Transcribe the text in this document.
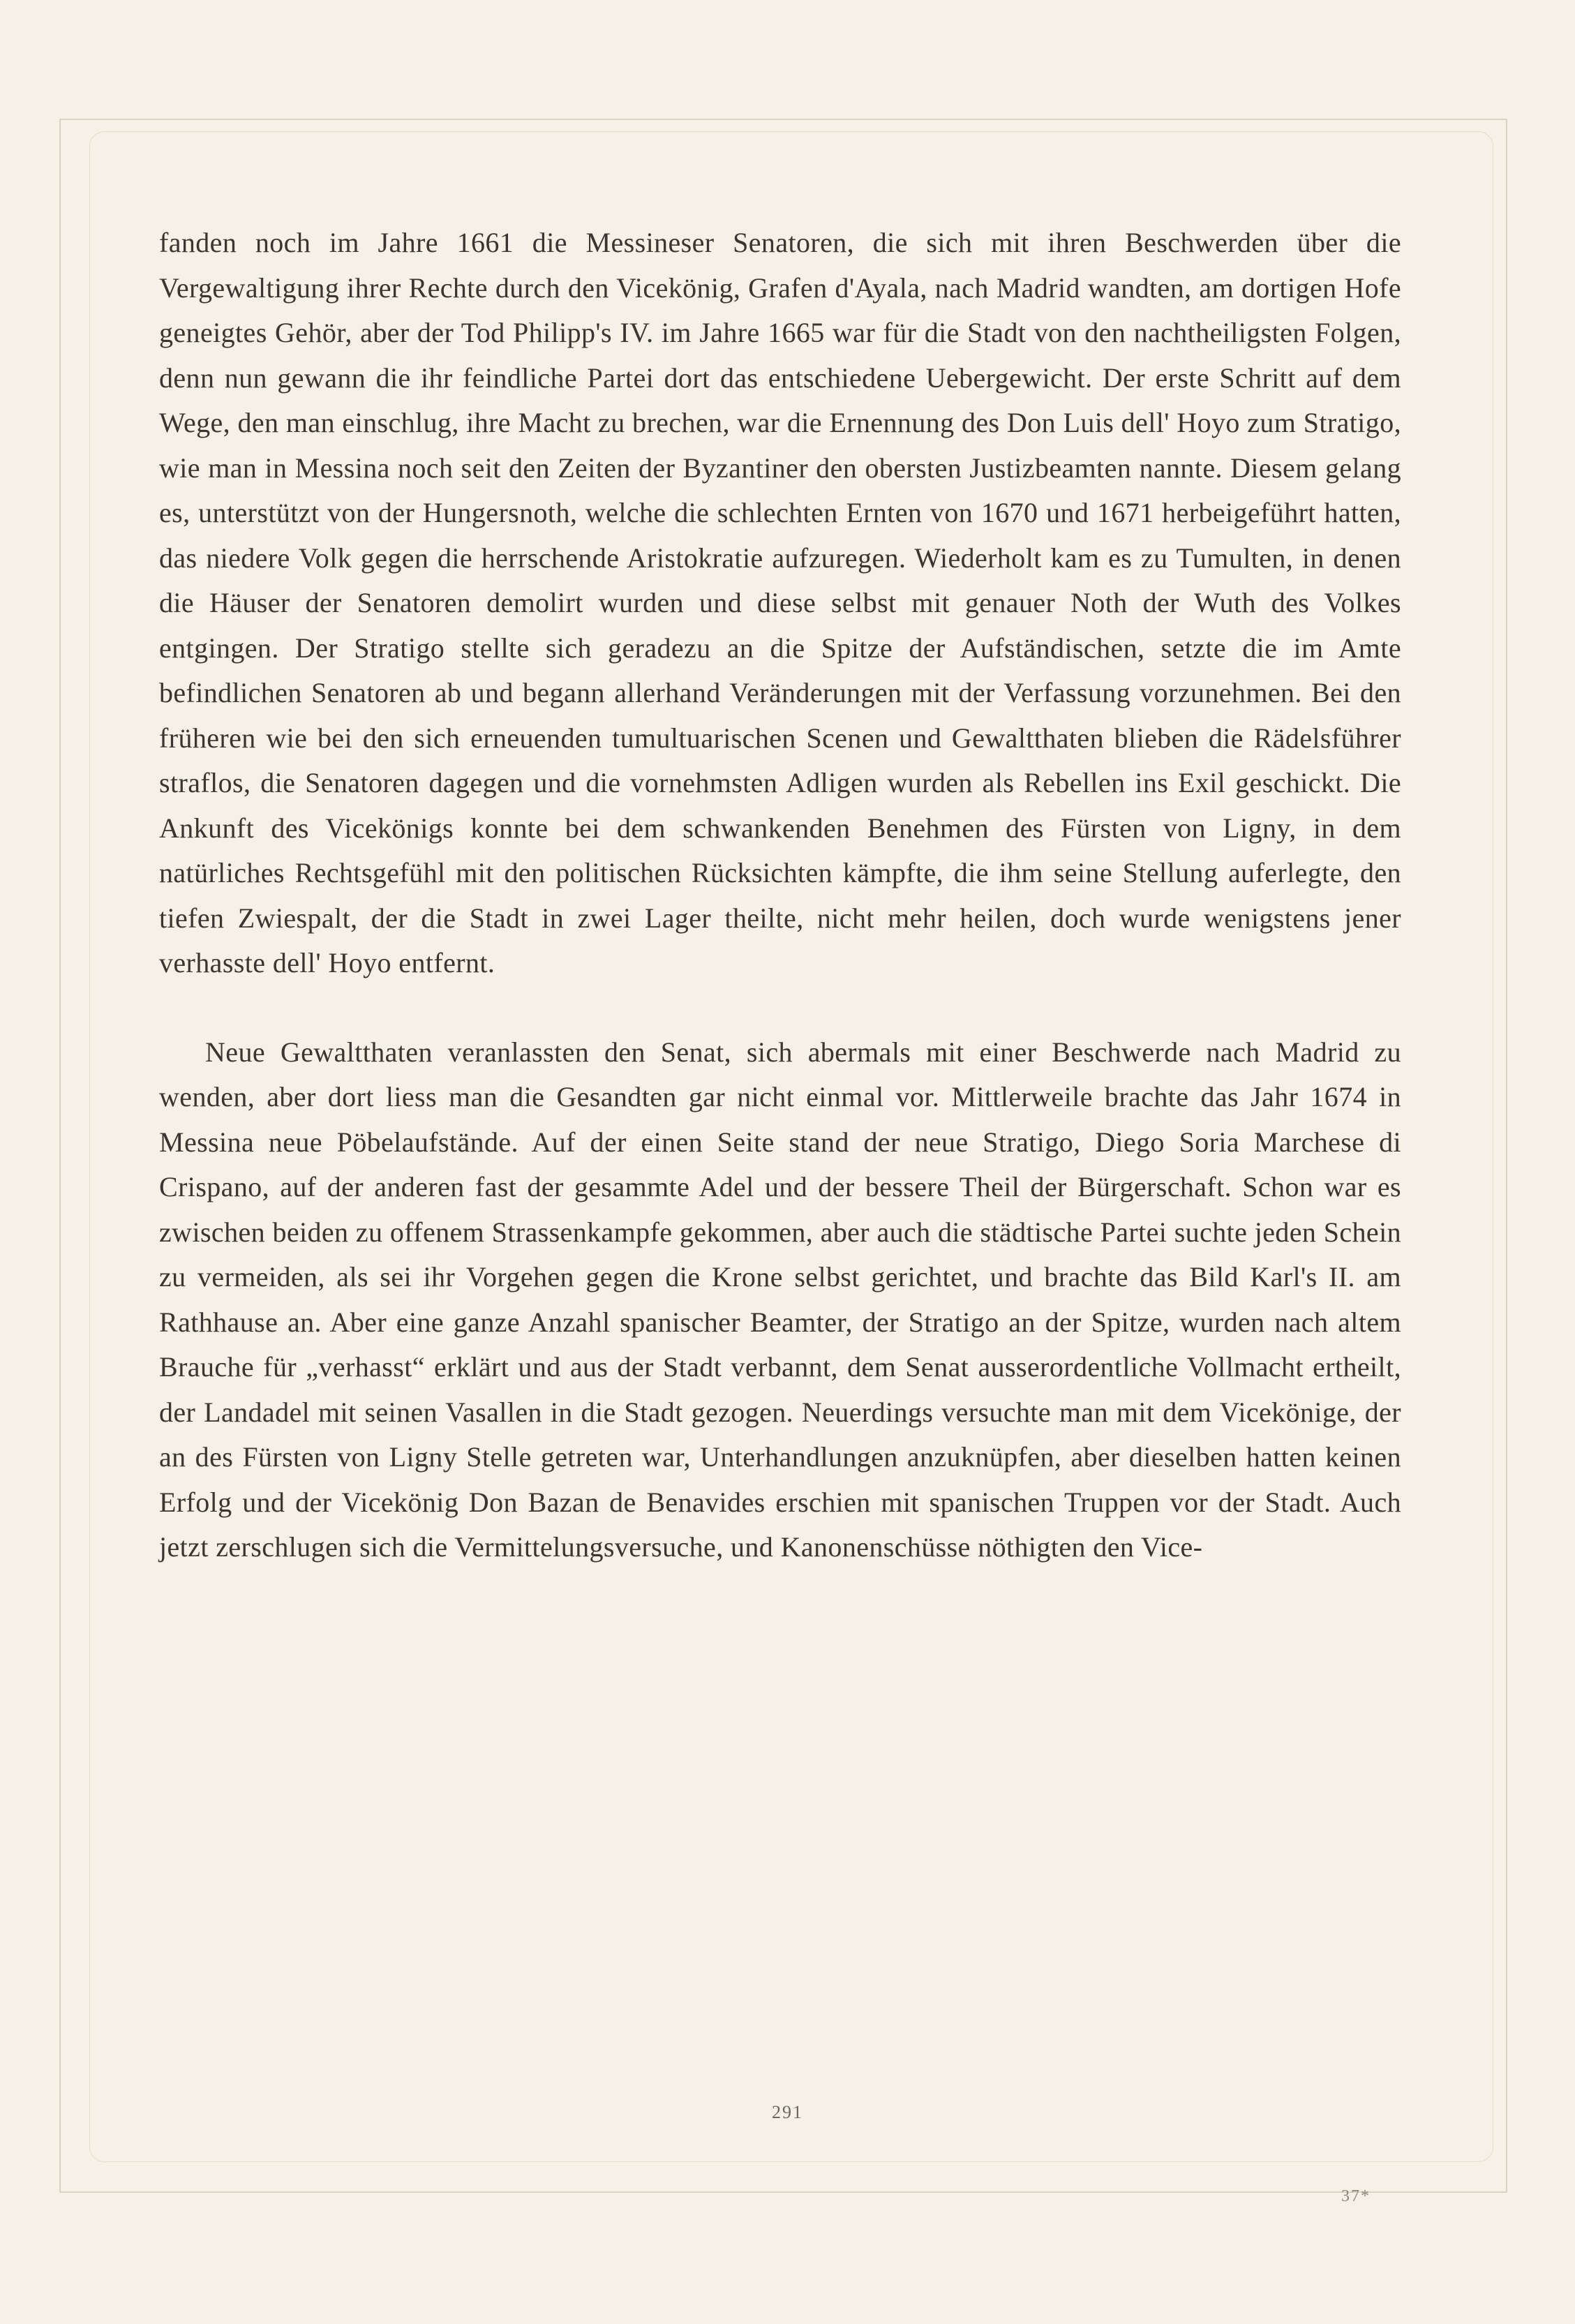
fanden noch im Jahre 1661 die Messineser Senatoren, die sich mit ihren Beschwerden über die Vergewaltigung ihrer Rechte durch den Vicekönig, Grafen d'Ayala, nach Madrid wandten, am dortigen Hofe geneigtes Gehör, aber der Tod Philipp's IV. im Jahre 1665 war für die Stadt von den nachtheiligsten Folgen, denn nun gewann die ihr feindliche Partei dort das entschiedene Uebergewicht. Der erste Schritt auf dem Wege, den man einschlug, ihre Macht zu brechen, war die Ernennung des Don Luis dell' Hoyo zum Stratigo, wie man in Messina noch seit den Zeiten der Byzantiner den obersten Justizbeamten nannte. Diesem gelang es, unterstützt von der Hungersnoth, welche die schlechten Ernten von 1670 und 1671 herbeigeführt hatten, das niedere Volk gegen die herrschende Aristokratie aufzuregen. Wiederholt kam es zu Tumulten, in denen die Häuser der Senatoren demolirt wurden und diese selbst mit genauer Noth der Wuth des Volkes entgingen. Der Stratigo stellte sich geradezu an die Spitze der Aufständischen, setzte die im Amte befindlichen Senatoren ab und begann allerhand Veränderungen mit der Verfassung vorzunehmen. Bei den früheren wie bei den sich erneuenden tumultuarischen Scenen und Gewaltthaten blieben die Rädelsführer straflos, die Senatoren dagegen und die vornehmsten Adligen wurden als Rebellen ins Exil geschickt. Die Ankunft des Vicekönigs konnte bei dem schwankenden Benehmen des Fürsten von Ligny, in dem natürliches Rechtsgefühl mit den politischen Rücksichten kämpfte, die ihm seine Stellung auferlegte, den tiefen Zwiespalt, der die Stadt in zwei Lager theilte, nicht mehr heilen, doch wurde wenigstens jener verhasste dell' Hoyo entfernt.

Neue Gewaltthaten veranlassten den Senat, sich abermals mit einer Beschwerde nach Madrid zu wenden, aber dort liess man die Gesandten gar nicht einmal vor. Mittlerweile brachte das Jahr 1674 in Messina neue Pöbelaufstände. Auf der einen Seite stand der neue Stratigo, Diego Soria Marchese di Crispano, auf der anderen fast der gesammte Adel und der bessere Theil der Bürgerschaft. Schon war es zwischen beiden zu offenem Strassenkampfe gekommen, aber auch die städtische Partei suchte jeden Schein zu vermeiden, als sei ihr Vorgehen gegen die Krone selbst gerichtet, und brachte das Bild Karl's II. am Rathhause an. Aber eine ganze Anzahl spanischer Beamter, der Stratigo an der Spitze, wurden nach altem Brauche für „verhasst“ erklärt und aus der Stadt verbannt, dem Senat ausserordentliche Vollmacht ertheilt, der Landadel mit seinen Vasallen in die Stadt gezogen. Neuerdings versuchte man mit dem Vicekönige, der an des Fürsten von Ligny Stelle getreten war, Unterhandlungen anzuknüpfen, aber dieselben hatten keinen Erfolg und der Vicekönig Don Bazan de Benavides erschien mit spanischen Truppen vor der Stadt. Auch jetzt zerschlugen sich die Vermittelungsversuche, und Kanonenschüsse nöthigten den Vice-

291
37*
